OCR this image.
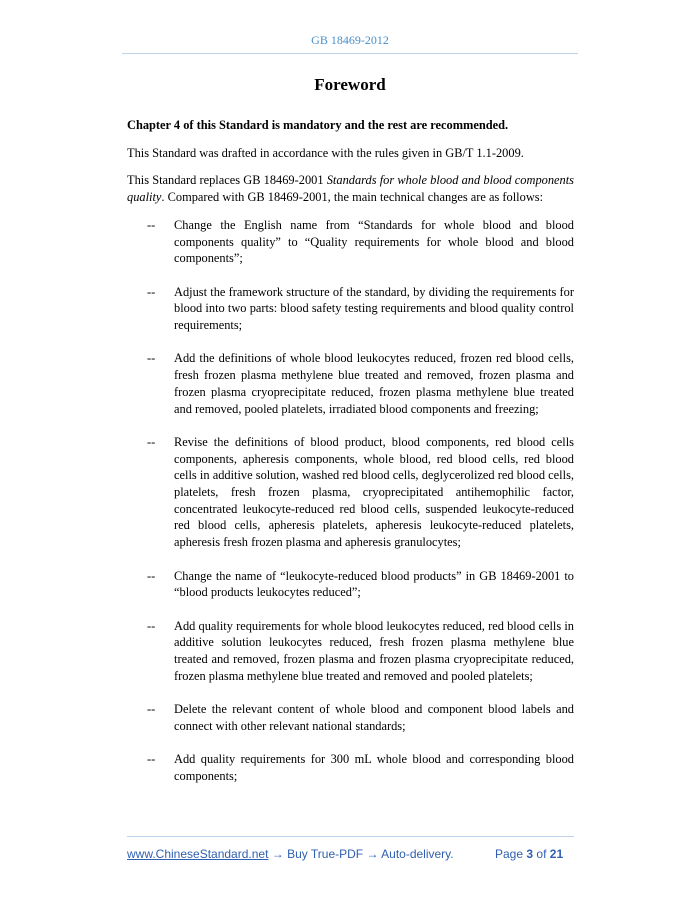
GB 18469-2012
Foreword

Chapter 4 of this Standard is mandatory and the rest are recommended.

This Standard was drafted in accordance with the rules given in GB/T 1.1-2009.

This Standard replaces GB 18469-2001 Standards for whole blood and blood components quality. Compared with GB 18469-2001, the main technical changes are as follows:

-- Change the English name from “Standards for whole blood and blood components quality” to “Quality requirements for whole blood and blood components”;
-- Adjust the framework structure of the standard, by dividing the requirements for blood into two parts: blood safety testing requirements and blood quality control requirements;
-- Add the definitions of whole blood leukocytes reduced, frozen red blood cells, fresh frozen plasma methylene blue treated and removed, frozen plasma and frozen plasma cryoprecipitate reduced, frozen plasma methylene blue treated and removed, pooled platelets, irradiated blood components and freezing;
-- Revise the definitions of blood product, blood components, red blood cells components, apheresis components, whole blood, red blood cells, red blood cells in additive solution, washed red blood cells, deglycerolized red blood cells, platelets, fresh frozen plasma, cryoprecipitated antihemophilic factor, concentrated leukocyte-reduced red blood cells, suspended leukocyte-reduced red blood cells, apheresis platelets, apheresis leukocyte-reduced platelets, apheresis fresh frozen plasma and apheresis granulocytes;
-- Change the name of “leukocyte-reduced blood products” in GB 18469-2001 to “blood products leukocytes reduced”;
-- Add quality requirements for whole blood leukocytes reduced, red blood cells in additive solution leukocytes reduced, fresh frozen plasma methylene blue treated and removed, frozen plasma and frozen plasma cryoprecipitate reduced, frozen plasma methylene blue treated and removed and pooled platelets;
-- Delete the relevant content of whole blood and component blood labels and connect with other relevant national standards;
-- Add quality requirements for 300 mL whole blood and corresponding blood components;
www.ChineseStandard.net → Buy True-PDF → Auto-delivery.	Page 3 of 21
